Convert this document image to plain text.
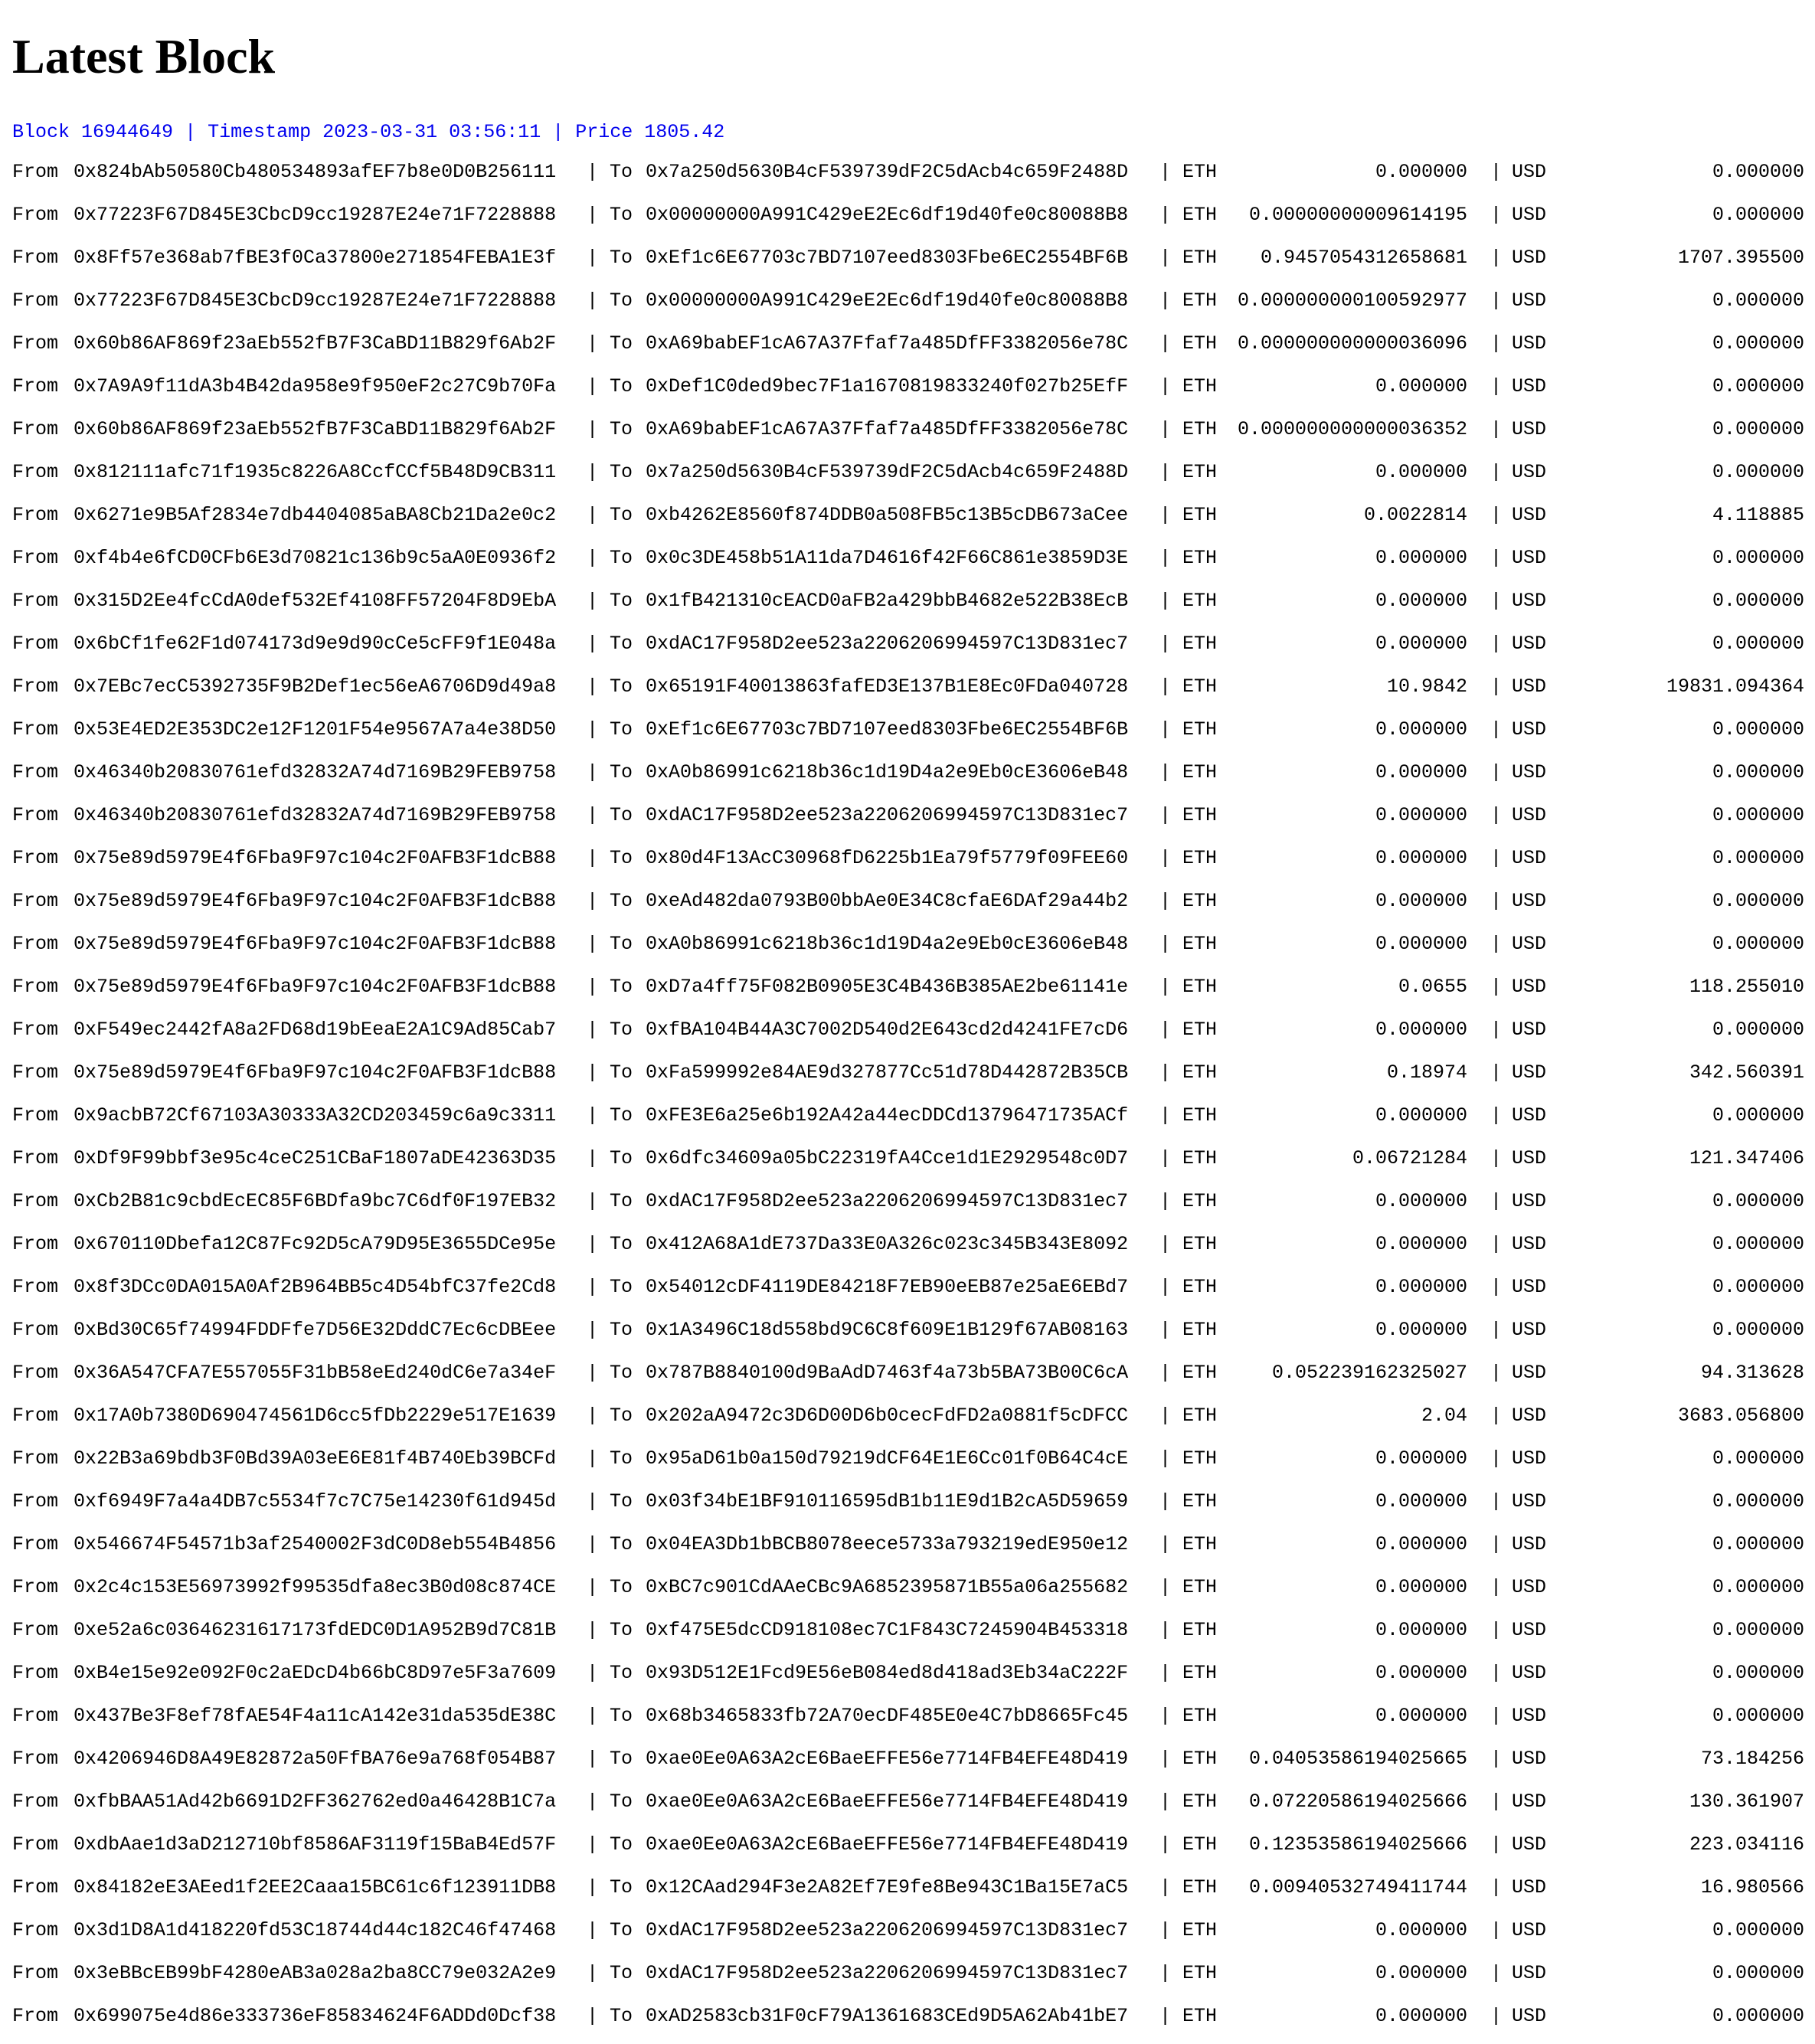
Latest Block
Block 16944649 | Timestamp 2023-03-31 03:56:11 | Price 1805.42
From 0x824bAb50580Cb480534893afEF7b8e0D0B256111 | To 0x7a250d5630B4cF539739dF2C5dAcb4c659F2488D | ETH	0.000000 | USD	0.000000
From 0x77223F67D845E3CbcD9cc19287E24e71F7228888 | To 0x00000000A991C429eE2Ec6df19d40fe0c80088B8 | ETH 0.00000000009614195 | USD	0.000000
From 0x8Ff57e368ab7fBE3f0Ca37800e271854FEBA1E3f | To 0xEf1c6E67703c7BD7107eed8303Fbe6EC2554BF6B | ETH 0.9457054312658681 | USD	1707.395500
From 0x77223F67D845E3CbcD9cc19287E24e71F7228888 | To 0x00000000A991C429eE2Ec6df19d40fe0c80088B8 | ETH 0.000000000100592977 | USD	0.000000
From 0x60b86AF869f23aEb552fB7F3CaBD11B829f6Ab2F | To 0xA69babEF1cA67A37Ffaf7a485DfFF3382056e78C | ETH 0.000000000000036096 | USD	0.000000
From 0x7A9A9f11dA3b4B42da958e9f950eF2c27C9b70Fa | To 0xDef1C0ded9bec7F1a1670819833240f027b25EfF | ETH	0.000000 | USD	0.000000
From 0x60b86AF869f23aEb552fB7F3CaBD11B829f6Ab2F | To 0xA69babEF1cA67A37Ffaf7a485DfFF3382056e78C | ETH 0.000000000000036352 | USD	0.000000
From 0x812111afc71f1935c8226A8CcfCCf5B48D9CB311 | To 0x7a250d5630B4cF539739dF2C5dAcb4c659F2488D | ETH	0.000000 | USD	0.000000
From 0x6271e9B5Af2834e7db4404085aBA8Cb21Da2e0c2 | To 0xb4262E8560f874DDB0a508FB5c13B5cDB673aCee | ETH	0.0022814 | USD	4.118885
From 0xf4b4e6fCD0CFb6E3d70821c136b9c5aA0E0936f2 | To 0x0c3DE458b51A11da7D4616f42F66C861e3859D3E | ETH	0.000000 | USD	0.000000
From 0x315D2Ee4fcCdA0def532Ef4108FF57204F8D9EbA | To 0x1fB421310cEACD0aFB2a429bbB4682e522B38EcB | ETH	0.000000 | USD	0.000000
From 0x6bCf1fe62F1d074173d9e9d90cCe5cFF9f1E048a | To 0xdAC17F958D2ee523a2206206994597C13D831ec7 | ETH	0.000000 | USD	0.000000
From 0x7EBc7ecC5392735F9B2Def1ec56eA6706D9d49a8 | To 0x65191F40013863fafED3E137B1E8Ec0FDa040728 | ETH	10.9842 | USD	19831.094364
From 0x53E4ED2E353DC2e12F1201F54e9567A7a4e38D50 | To 0xEf1c6E67703c7BD7107eed8303Fbe6EC2554BF6B | ETH	0.000000 | USD	0.000000
From 0x46340b20830761efd32832A74d7169B29FEB9758 | To 0xA0b86991c6218b36c1d19D4a2e9Eb0cE3606eB48 | ETH	0.000000 | USD	0.000000
From 0x46340b20830761efd32832A74d7169B29FEB9758 | To 0xdAC17F958D2ee523a2206206994597C13D831ec7 | ETH	0.000000 | USD	0.000000
From 0x75e89d5979E4f6Fba9F97c104c2F0AFB3F1dcB88 | To 0x80d4F13AcC30968fD6225b1Ea79f5779f09FEE60 | ETH	0.000000 | USD	0.000000
From 0x75e89d5979E4f6Fba9F97c104c2F0AFB3F1dcB88 | To 0xeAd482da0793B00bbAe0E34C8cfaE6DAf29a44b2 | ETH	0.000000 | USD	0.000000
From 0x75e89d5979E4f6Fba9F97c104c2F0AFB3F1dcB88 | To 0xA0b86991c6218b36c1d19D4a2e9Eb0cE3606eB48 | ETH	0.000000 | USD	0.000000
From 0x75e89d5979E4f6Fba9F97c104c2F0AFB3F1dcB88 | To 0xD7a4ff75F082B0905E3C4B436B385AE2be61141e | ETH	0.0655 | USD	118.255010
From 0xF549ec2442fA8a2FD68d19bEeaE2A1C9Ad85Cab7 | To 0xfBA104B44A3C7002D540d2E643cd2d4241FE7cD6 | ETH	0.000000 | USD	0.000000
From 0x75e89d5979E4f6Fba9F97c104c2F0AFB3F1dcB88 | To 0xFa599992e84AE9d327877Cc51d78D442872B35CB | ETH	0.18974 | USD	342.560391
From 0x9acbB72Cf67103A30333A32CD203459c6a9c3311 | To 0xFE3E6a25e6b192A42a44ecDDCd13796471735ACf | ETH	0.000000 | USD	0.000000
From 0xDf9F99bbf3e95c4ceC251CBaF1807aDE42363D35 | To 0x6dfc34609a05bC22319fA4Cce1d1E2929548c0D7 | ETH	0.06721284 | USD	121.347406
From 0xCb2B81c9cbdEcEC85F6BDfa9bc7C6df0F197EB32 | To 0xdAC17F958D2ee523a2206206994597C13D831ec7 | ETH	0.000000 | USD	0.000000
From 0x670110Dbefa12C87Fc92D5cA79D95E3655DCe95e | To 0x412A68A1dE737Da33E0A326c023c345B343E8092 | ETH	0.000000 | USD	0.000000
From 0x8f3DCc0DA015A0Af2B964BB5c4D54bfC37fe2Cd8 | To 0x54012cDF4119DE84218F7EB90eEB87e25aE6EBd7 | ETH	0.000000 | USD	0.000000
From 0xBd30C65f74994FDDFfe7D56E32DddC7Ec6cDBEee | To 0x1A3496C18d558bd9C6C8f609E1B129f67AB08163 | ETH	0.000000 | USD	0.000000
From 0x36A547CFA7E557055F31bB58eEd240dC6e7a34eF | To 0x787B8840100d9BaAdD7463f4a73b5BA73B00C6cA | ETH	0.052239162325027 | USD	94.313628
From 0x17A0b7380D690474561D6cc5fDb2229e517E1639 | To 0x202aA9472c3D6D00D6b0cecFdFD2a0881f5cDFCC | ETH	2.04 | USD	3683.056800
From 0x22B3a69bdb3F0Bd39A03eE6E81f4B740Eb39BCFd | To 0x95aD61b0a150d79219dCF64E1E6Cc01f0B64C4cE | ETH	0.000000 | USD	0.000000
From 0xf6949F7a4a4DB7c5534f7c7C75e14230f61d945d | To 0x03f34bE1BF910116595dB1b11E9d1B2cA5D59659 | ETH	0.000000 | USD	0.000000
From 0x546674F54571b3af2540002F3dC0D8eb554B4856 | To 0x04EA3Db1bBCB8078eece5733a793219edE950e12 | ETH	0.000000 | USD	0.000000
From 0x2c4c153E56973992f99535dfa8ec3B0d08c874CE | To 0xBC7c901CdAAeCBc9A6852395871B55a06a255682 | ETH	0.000000 | USD	0.000000
From 0xe52a6c03646231617173fdEDC0D1A952B9d7C81B | To 0xf475E5dcCD918108ec7C1F843C7245904B453318 | ETH	0.000000 | USD	0.000000
From 0xB4e15e92e092F0c2aEDcD4b66bC8D97e5F3a7609 | To 0x93D512E1Fcd9E56eB084ed8d418ad3Eb34aC222F | ETH	0.000000 | USD	0.000000
From 0x437Be3F8ef78fAE54F4a11cA142e31da535dE38C | To 0x68b3465833fb72A70ecDF485E0e4C7bD8665Fc45 | ETH	0.000000 | USD	0.000000
From 0x4206946D8A49E82872a50FfBA76e9a768f054B87 | To 0xae0Ee0A63A2cE6BaeEFFE56e7714FB4EFE48D419 | ETH 0.04053586194025665 | USD	73.184256
From 0xfbBAA51Ad42b6691D2FF362762ed0a46428B1C7a | To 0xae0Ee0A63A2cE6BaeEFFE56e7714FB4EFE48D419 | ETH 0.07220586194025666 | USD	130.361907
From 0xdbAae1d3aD212710bf8586AF3119f15BaB4Ed57F | To 0xae0Ee0A63A2cE6BaeEFFE56e7714FB4EFE48D419 | ETH 0.12353586194025666 | USD	223.034116
From 0x84182eE3AEed1f2EE2Caaa15BC61c6f123911DB8 | To 0x12CAad294F3e2A82Ef7E9fe8Be943C1Ba15E7aC5 | ETH 0.00940532749411744 | USD	16.980566
From 0x3d1D8A1d418220fd53C18744d44c182C46f47468 | To 0xdAC17F958D2ee523a2206206994597C13D831ec7 | ETH	0.000000 | USD	0.000000
From 0x3eBBcEB99bF4280eAB3a028a2ba8CC79e032A2e9 | To 0xdAC17F958D2ee523a2206206994597C13D831ec7 | ETH	0.000000 | USD	0.000000
From 0x699075e4d86e333736eF85834624F6ADDd0Dcf38 | To 0xAD2583cb31F0cF79A1361683CEd9D5A62Ab41bE7 | ETH	0.000000 | USD	0.000000
